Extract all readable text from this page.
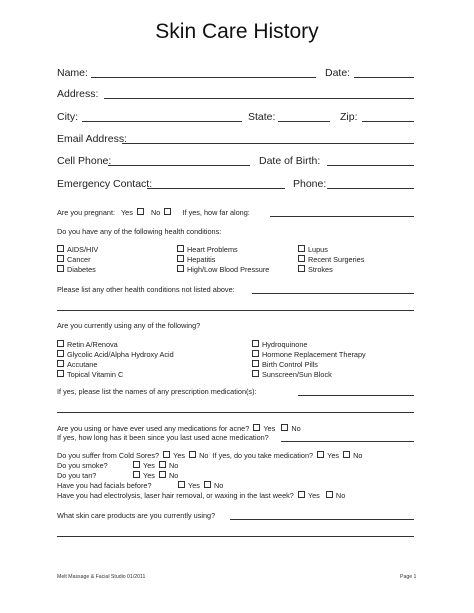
Skin Care History
Name:	Date:
Address:
City:	State:	Zip:
Email Address:
Cell Phone:	Date of Birth:
Emergency Contact:	Phone:
Are you pregnant: Yes No	If yes, how far along:
Do you have any of the following health conditions:
AIDS/HIV
Cancer
Diabetes
Heart Problems
Hepatitis
High/Low Blood Pressure
Lupus
Recent Surgeries
Strokes
Please list any other health conditions not listed above:
Are you currently using any of the following?
Retin A/Renova
Glycolic Acid/Alpha Hydroxy Acid
Accutane
Topical Vitamin C
Hydroquinone
Hormone Replacement Therapy
Birth Control Pills
Sunscreen/Sun Block
If yes, please list the names of any prescription medication(s):
Are you using or have ever used any medications for acne? Yes No
If yes, how long has it been since you last used acne medication?
Do you suffer from Cold Sores? Yes No If yes, do you take medication? Yes No
Do you smoke?	Yes No
Do you tan?	Yes No
Have you had facials before?	Yes No
Have you had electrolysis, laser hair removal, or waxing in the last week? Yes No
What skin care products are you currently using?
Melt Massage & Facial Studio 01/2011	Page 1
